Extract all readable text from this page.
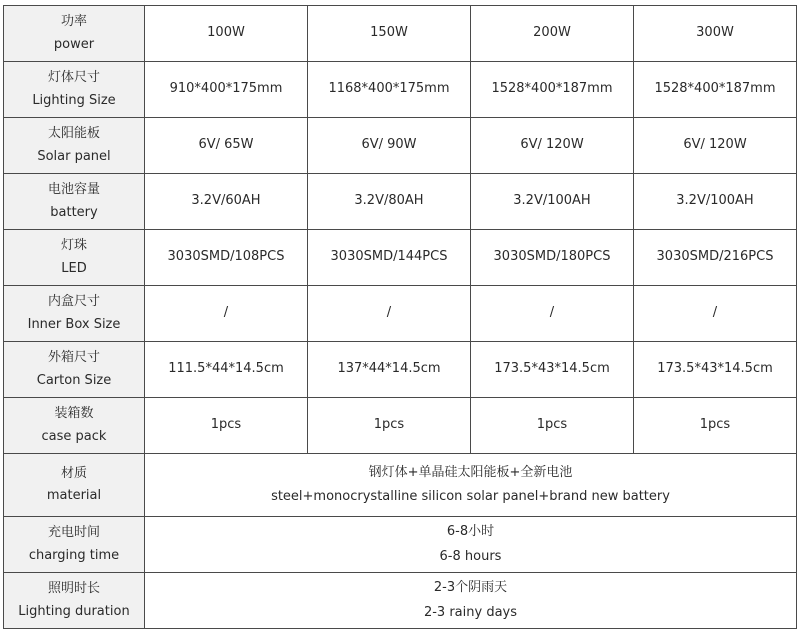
功率
power	100W	150W	200W	300W

灯体尺寸
Lighting Size	910*400*175mm	1168*400*175mm	1528*400*187mm	1528*400*187mm

太阳能板
Solar panel	6V/ 65W	6V/ 90W	6V/ 120W	6V/ 120W

电池容量
battery	3.2V/60AH	3.2V/80AH	3.2V/100AH	3.2V/100AH

灯珠
LED	3030SMD/108PCS	3030SMD/144PCS	3030SMD/180PCS	3030SMD/216PCS

内盒尺寸
Inner Box Size	/	/	/	/

外箱尺寸
Carton Size	111.5*44*14.5cm	137*44*14.5cm	173.5*43*14.5cm	173.5*43*14.5cm

装箱数
case pack	1pcs	1pcs	1pcs	1pcs

材质
material	钢灯体+单晶硅太阳能板+全新电池
steel+monocrystalline silicon solar panel+brand new battery			

充电时间
charging time	6-8小时
6-8 hours			

照明时长
Lighting duration	2-3个阴雨天
2-3 rainy days			
